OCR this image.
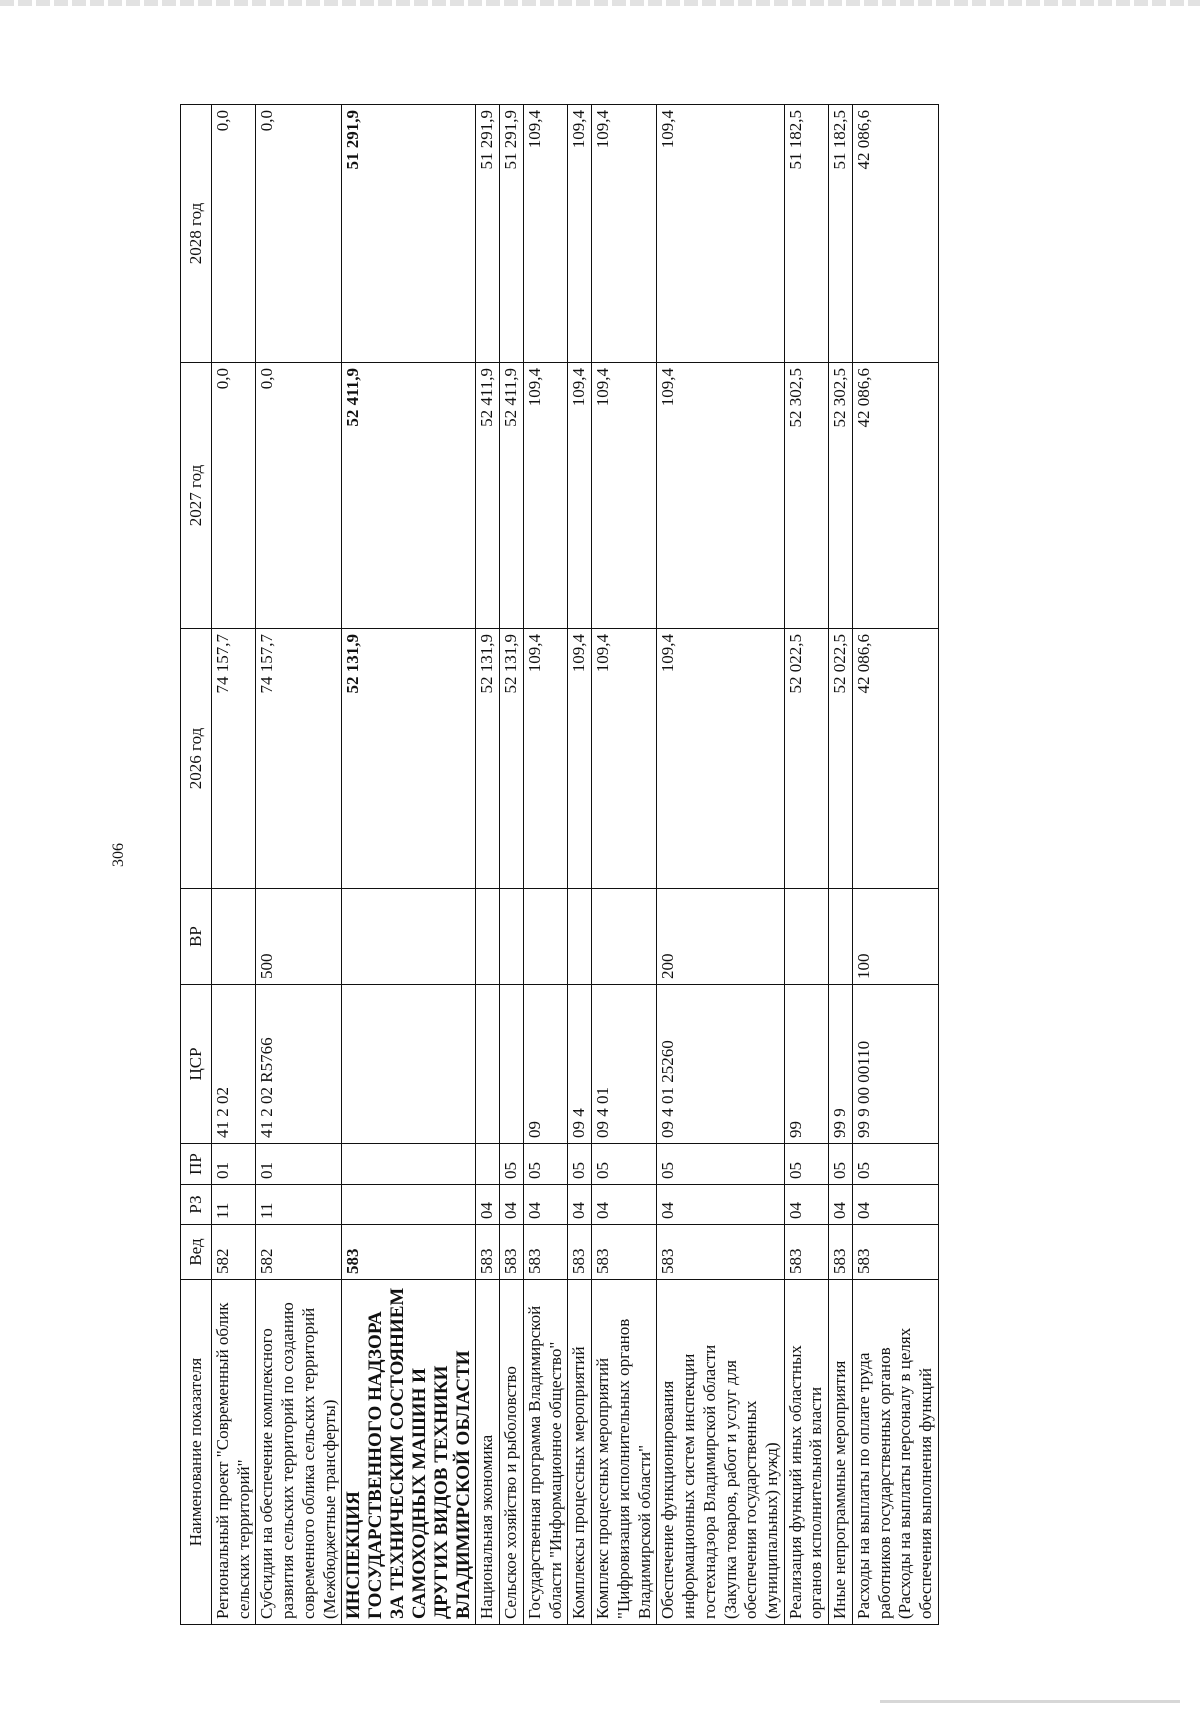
306
Наименование показателя	Вед	РЗ	ПР	ЦСР	ВР	2026 год	2027 год	2028 год
Региональный проект "Современный облик сельских территорий"	582	11	01	41 2 02		74 157,7	0,0	0,0
Субсидии на обеспечение комплексного развития сельских территорий по созданию современного облика сельских территорий (Межбюджетные трансферты)	582	11	01	41 2 02 R5766	500	74 157,7	0,0	0,0
ИНСПЕКЦИЯ ГОСУДАРСТВЕННОГО НАДЗОРА ЗА ТЕХНИЧЕСКИМ СОСТОЯНИЕМ САМОХОДНЫХ МАШИН И ДРУГИХ ВИДОВ ТЕХНИКИ ВЛАДИМИРСКОЙ ОБЛАСТИ	583					52 131,9	52 411,9	51 291,9
Национальная экономика	583	04				52 131,9	52 411,9	51 291,9
Сельское хозяйство и рыболовство	583	04	05			52 131,9	52 411,9	51 291,9
Государственная программа Владимирской области "Информационное общество"	583	04	05	09		109,4	109,4	109,4
Комплексы процессных мероприятий	583	04	05	09 4		109,4	109,4	109,4
Комплекс процессных мероприятий "Цифровизация исполнительных органов Владимирской области"	583	04	05	09 4 01		109,4	109,4	109,4
Обеспечение функционирования информационных систем инспекции гостехнадзора Владимирской области (Закупка товаров, работ и услуг для обеспечения государственных (муниципальных) нужд)	583	04	05	09 4 01 25260	200	109,4	109,4	109,4
Реализация функций иных областных органов исполнительной власти	583	04	05	99		52 022,5	52 302,5	51 182,5
Иные непрограммные мероприятия	583	04	05	99 9		52 022,5	52 302,5	51 182,5
Расходы на выплаты по оплате труда работников государственных органов (Расходы на выплаты персоналу в целях обеспечения выполнения функций	583	04	05	99 9 00 00110	100	42 086,6	42 086,6	42 086,6
